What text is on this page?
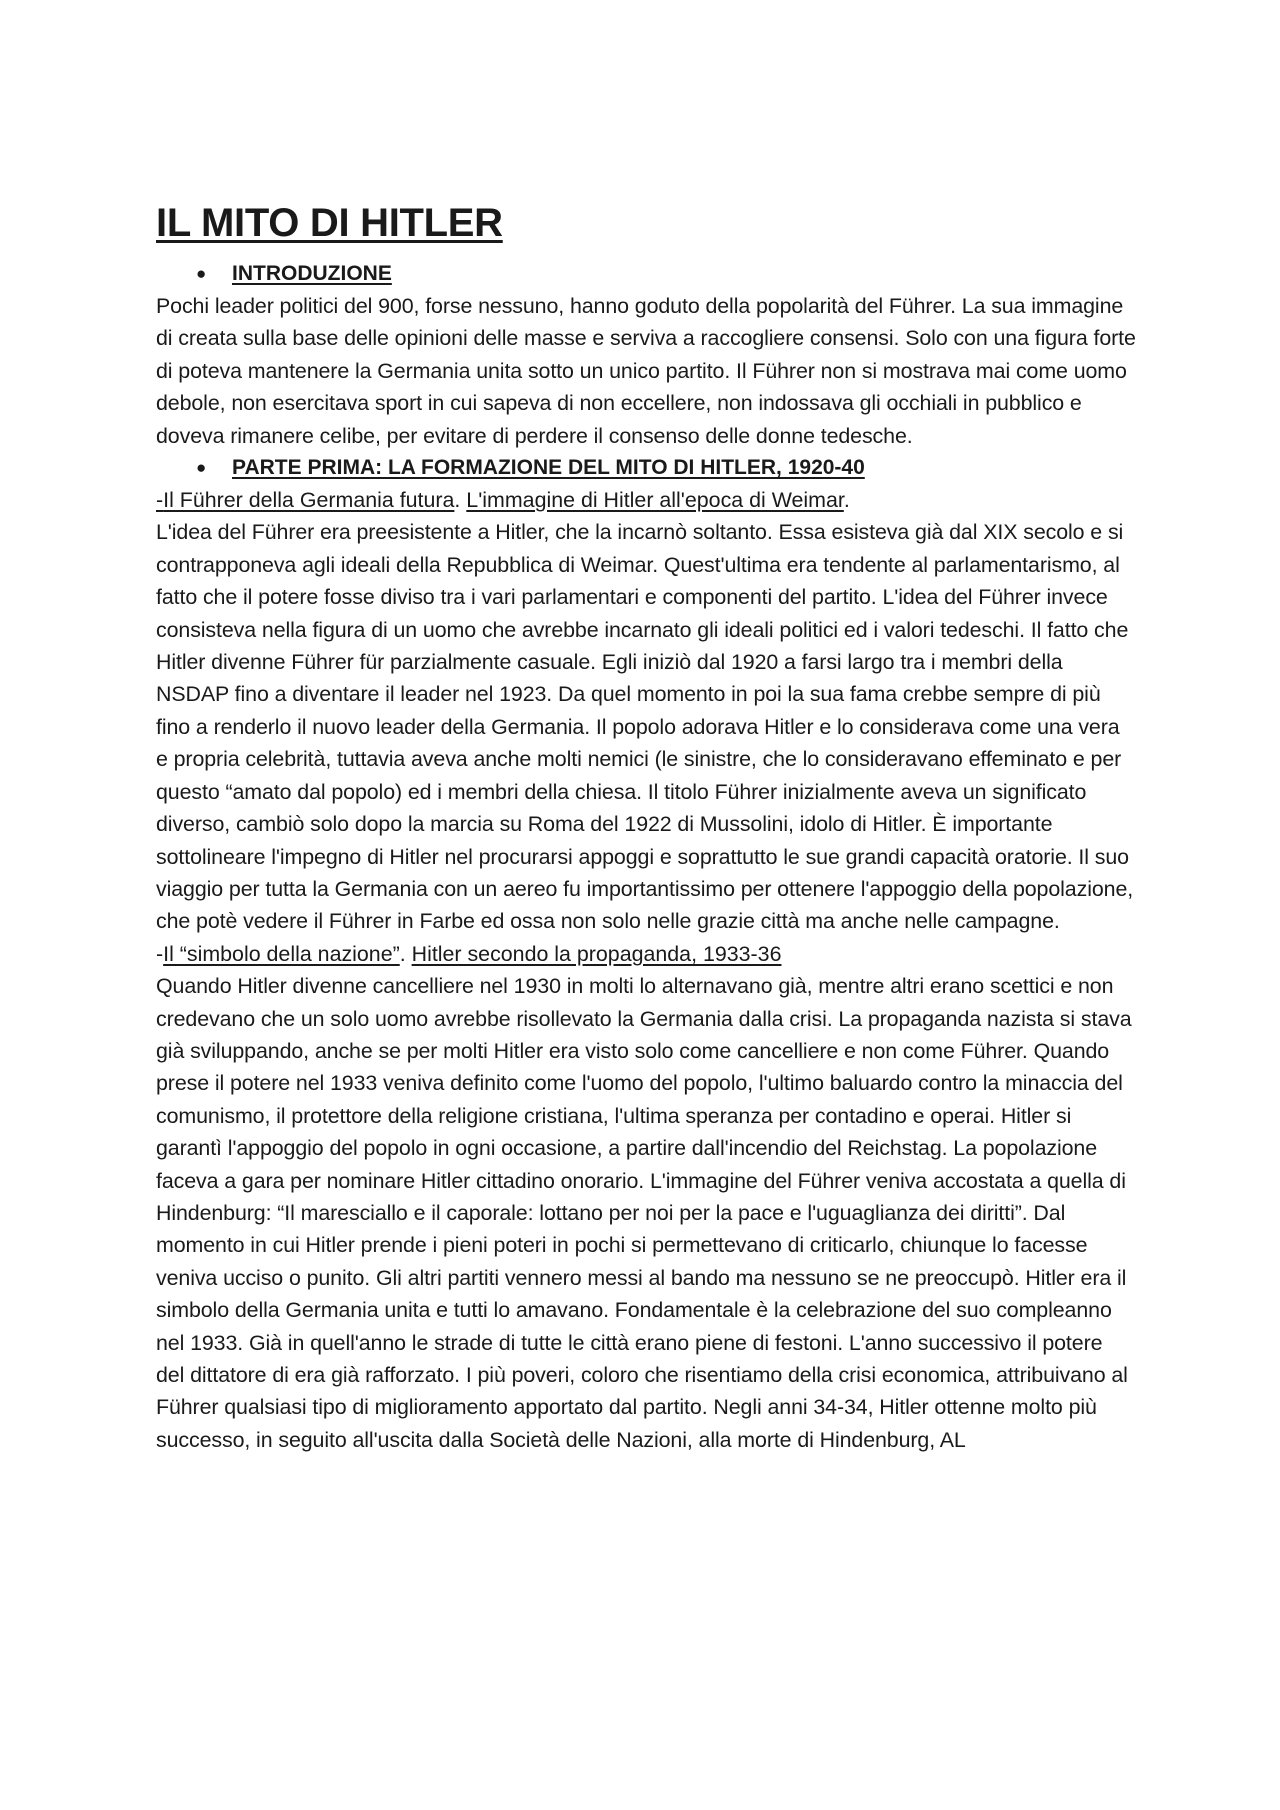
IL MITO DI HITLER
● INTRODUZIONE

Pochi leader politici del 900, forse nessuno, hanno goduto della popolarità del Führer. La sua immagine di creata sulla base delle opinioni delle masse e serviva a raccogliere consensi. Solo con una figura forte di poteva mantenere la Germania unita sotto un unico partito. Il Führer non si mostrava mai come uomo debole, non esercitava sport in cui sapeva di non eccellere, non indossava gli occhiali in pubblico e doveva rimanere celibe, per evitare di perdere il consenso delle donne tedesche.

● PARTE PRIMA: LA FORMAZIONE DEL MITO DI HITLER, 1920-40

-Il Führer della Germania futura. L'immagine di Hitler all'epoca di Weimar.

L'idea del Führer era preesistente a Hitler, che la incarnò soltanto. Essa esisteva già dal XIX secolo e si contrapponeva agli ideali della Repubblica di Weimar. Quest'ultima era tendente al parlamentarismo, al fatto che il potere fosse diviso tra i vari parlamentari e componenti del partito. L'idea del Führer invece consisteva nella figura di un uomo che avrebbe incarnato gli ideali politici ed i valori tedeschi. Il fatto che Hitler divenne Führer für parzialmente casuale. Egli iniziò dal 1920 a farsi largo tra i membri della NSDAP fino a diventare il leader nel 1923. Da quel momento in poi la sua fama crebbe sempre di più fino a renderlo il nuovo leader della Germania. Il popolo adorava Hitler e lo considerava come una vera e propria celebrità, tuttavia aveva anche molti nemici (le sinistre, che lo consideravano effeminato e per questo “amato dal popolo) ed i membri della chiesa. Il titolo Führer inizialmente aveva un significato diverso, cambiò solo dopo la marcia su Roma del 1922 di Mussolini, idolo di Hitler. È importante sottolineare l'impegno di Hitler nel procurarsi appoggi e soprattutto le sue grandi capacità oratorie. Il suo viaggio per tutta la Germania con un aereo fu importantissimo per ottenere l'appoggio della popolazione, che potè vedere il Führer in Farbe ed ossa non solo nelle grazie città ma anche nelle campagne.

-Il “simbolo della nazione”. Hitler secondo la propaganda, 1933-36

Quando Hitler divenne cancelliere nel 1930 in molti lo alternavano già, mentre altri erano scettici e non credevano che un solo uomo avrebbe risollevato la Germania dalla crisi. La propaganda nazista si stava già sviluppando, anche se per molti Hitler era visto solo come cancelliere e non come Führer. Quando prese il potere nel 1933 veniva definito come l'uomo del popolo, l'ultimo baluardo contro la minaccia del comunismo, il protettore della religione cristiana, l'ultima speranza per contadino e operai. Hitler si garantì l'appoggio del popolo in ogni occasione, a partire dall'incendio del Reichstag. La popolazione faceva a gara per nominare Hitler cittadino onorario. L'immagine del Führer veniva accostata a quella di Hindenburg: “Il maresciallo e il caporale: lottano per noi per la pace e l'uguaglianza dei diritti”. Dal momento in cui Hitler prende i pieni poteri in pochi si permettevano di criticarlo, chiunque lo facesse veniva ucciso o punito. Gli altri partiti vennero messi al bando ma nessuno se ne preoccupò. Hitler era il simbolo della Germania unita e tutti lo amavano. Fondamentale è la celebrazione del suo compleanno nel 1933. Già in quell'anno le strade di tutte le città erano piene di festoni. L'anno successivo il potere del dittatore di era già rafforzato. I più poveri, coloro che risentiamo della crisi economica, attribuivano al Führer qualsiasi tipo di miglioramento apportato dal partito. Negli anni 34-34, Hitler ottenne molto più successo, in seguito all'uscita dalla Società delle Nazioni, alla morte di Hindenburg, AL
